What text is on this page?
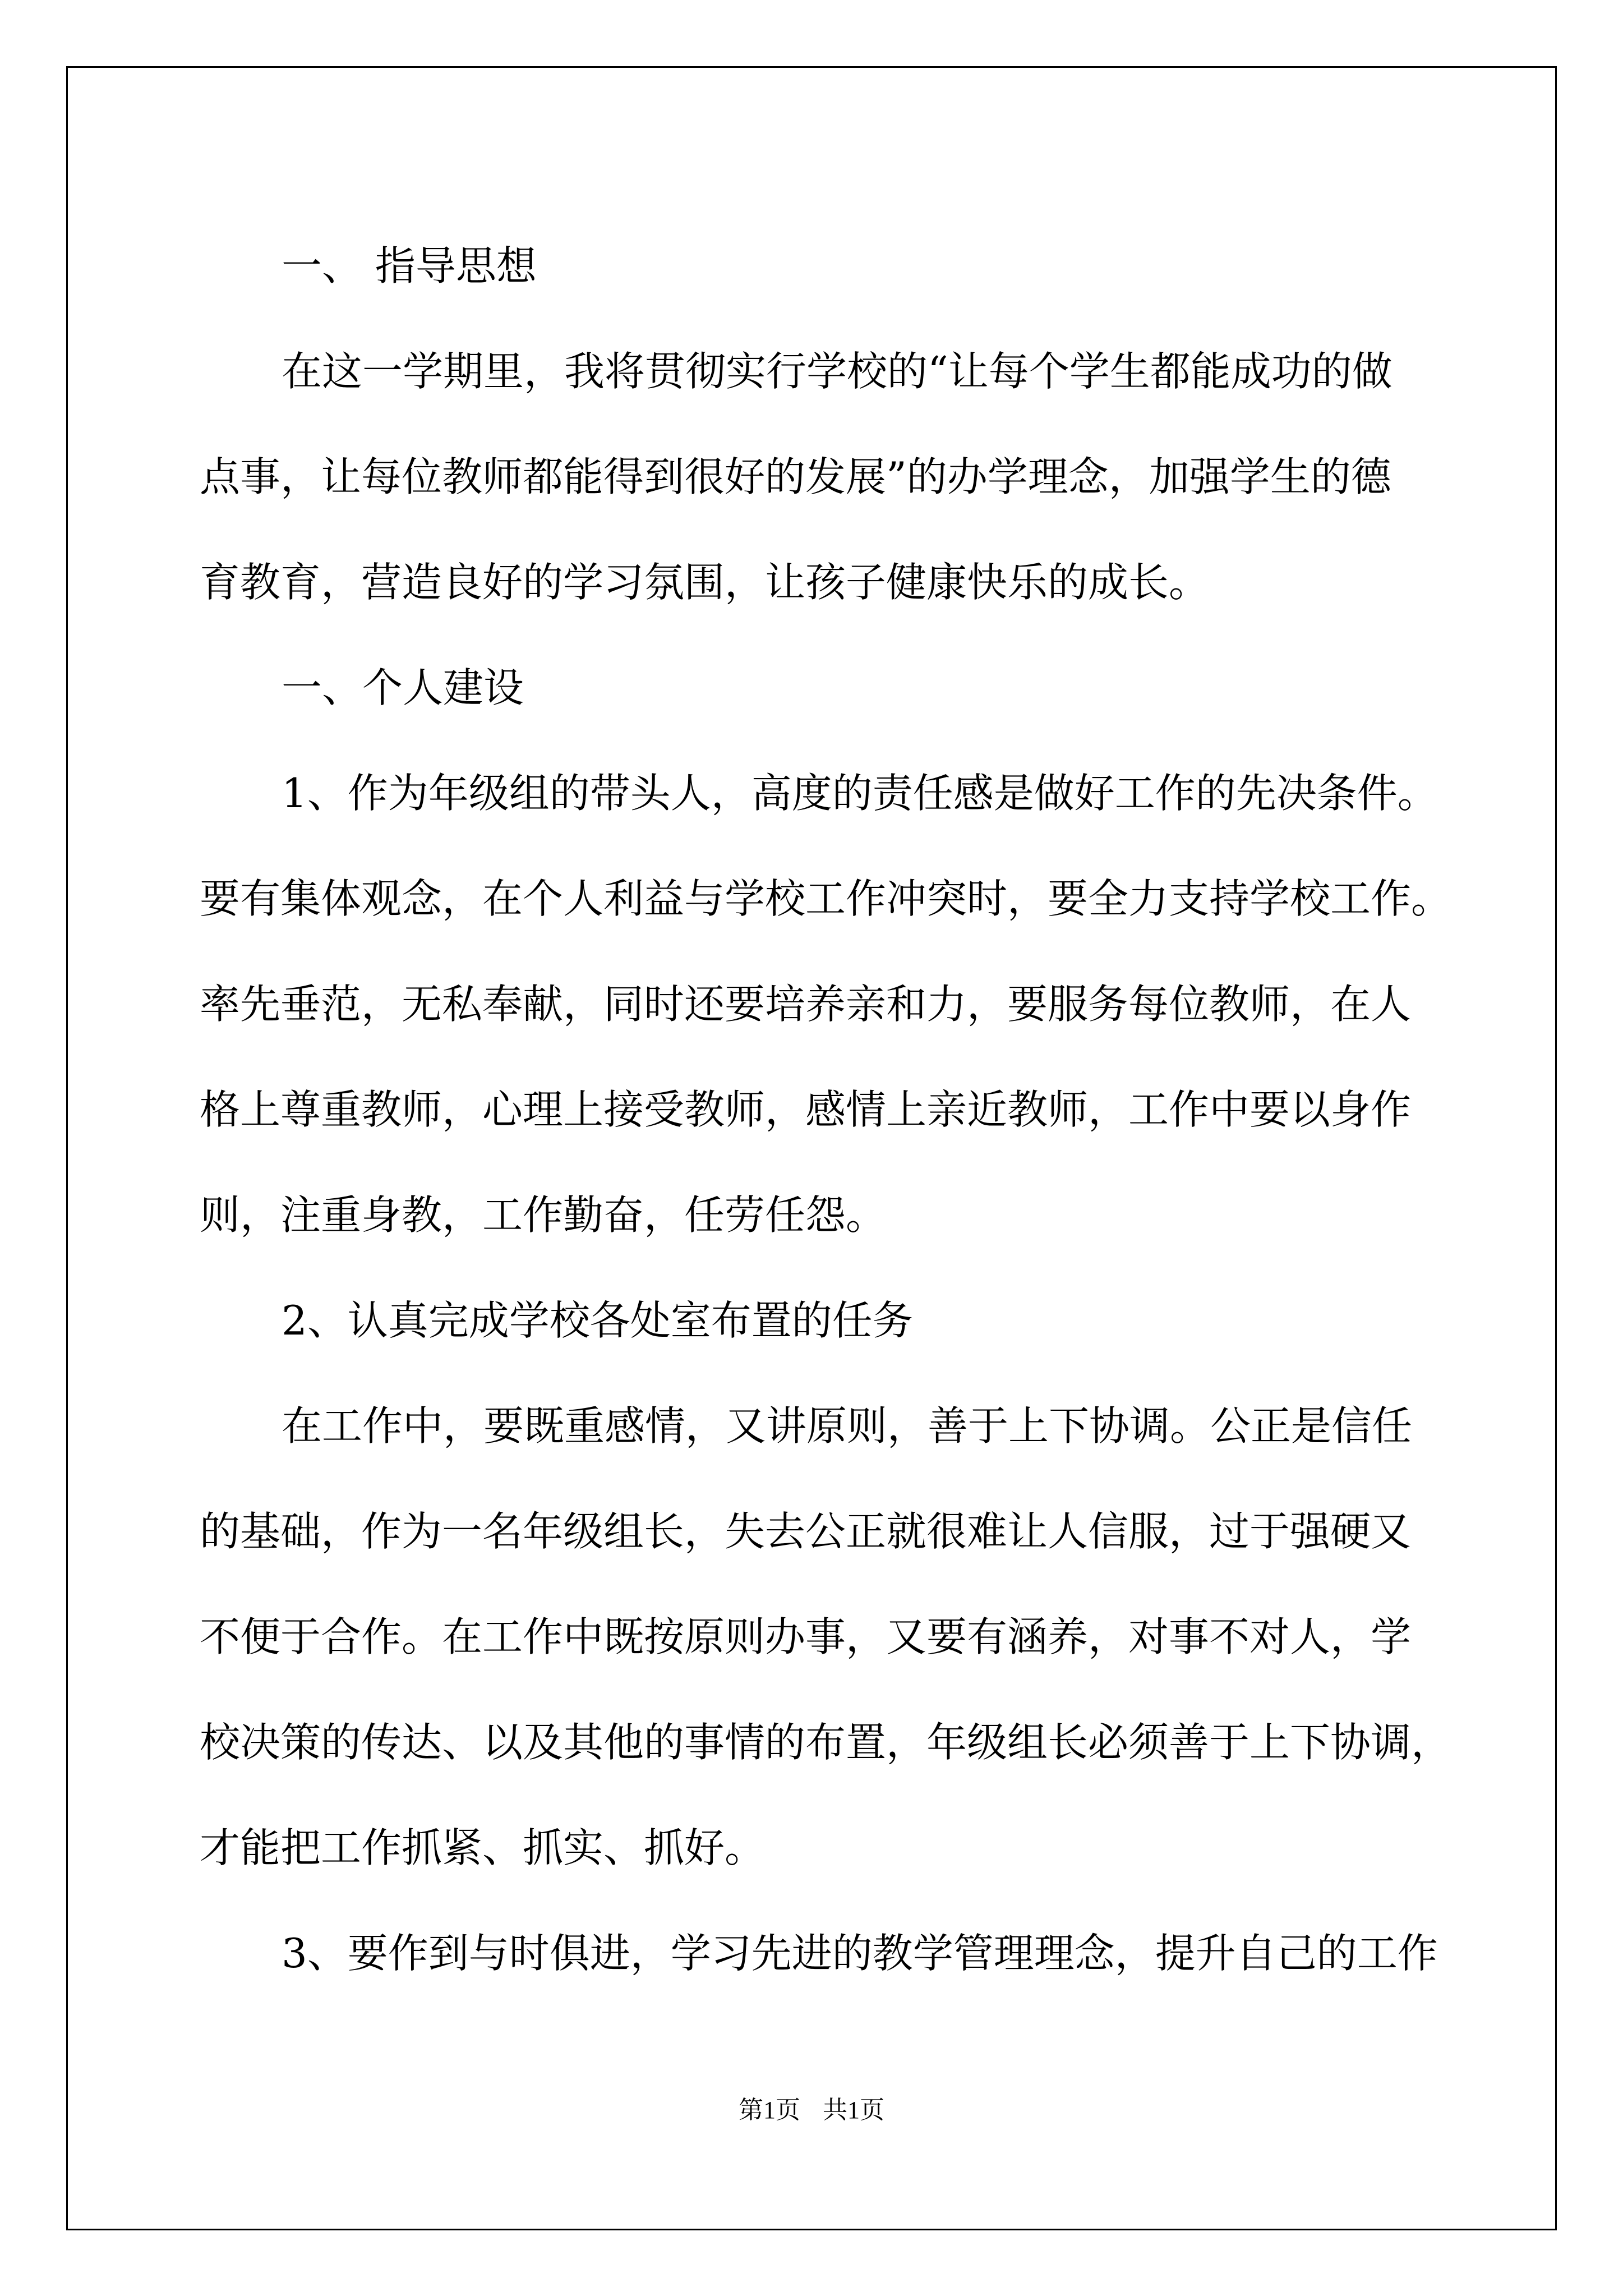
一、 指导思想
在这一学期里，我将贯彻实行学校的“让每个学生都能成功的做
点事，让每位教师都能得到很好的发展”的办学理念，加强学生的德
育教育，营造良好的学习氛围，让孩子健康快乐的成长。
一、个人建设
1、作为年级组的带头人，高度的责任感是做好工作的先决条件。
要有集体观念，在个人利益与学校工作冲突时，要全力支持学校工作。
率先垂范，无私奉献，同时还要培养亲和力，要服务每位教师，在人
格上尊重教师，心理上接受教师，感情上亲近教师，工作中要以身作
则，注重身教，工作勤奋，任劳任怨。
2、认真完成学校各处室布置的任务
在工作中，要既重感情，又讲原则，善于上下协调。公正是信任
的基础，作为一名年级组长，失去公正就很难让人信服，过于强硬又
不便于合作。在工作中既按原则办事，又要有涵养，对事不对人，学
校决策的传达、以及其他的事情的布置，年级组长必须善于上下协调，
才能把工作抓紧、抓实、抓好。
3、要作到与时俱进，学习先进的教学管理理念，提升自己的工作
第1页 共1页
